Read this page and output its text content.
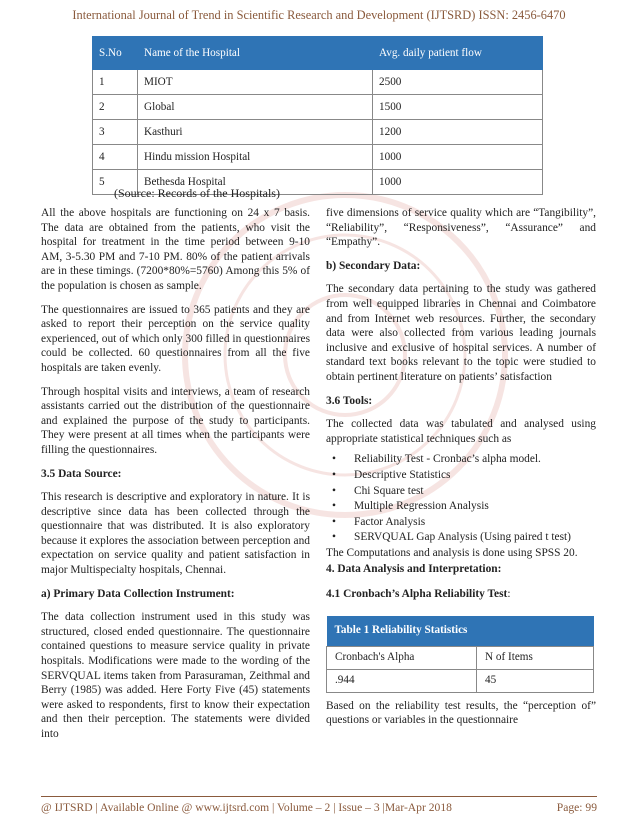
International Journal of Trend in Scientific Research and Development (IJTSRD) ISSN: 2456-6470
S.No	Name of the Hospital	Avg. daily patient flow
1	MIOT	2500
2	Global	1500
3	Kasthuri	1200
4	Hindu mission Hospital	1000
5	Bethesda Hospital	1000
(Source: Records of the Hospitals)

All the above hospitals are functioning on 24 x 7 basis. The data are obtained from the patients, who visit the hospital for treatment in the time period between 9-10 AM, 3-5.30 PM and 7-10 PM. 80% of the patient arrivals are in these timings. (7200*80%=5760) Among this 5% of the population is chosen as sample.

The questionnaires are issued to 365 patients and they are asked to report their perception on the service quality experienced, out of which only 300 filled in questionnaires could be collected. 60 questionnaires from all the five hospitals are taken evenly.

Through hospital visits and interviews, a team of research assistants carried out the distribution of the questionnaire and explained the purpose of the study to participants. They were present at all times when the participants were filling the questionnaires.

3.5 Data Source:

This research is descriptive and exploratory in nature. It is descriptive since data has been collected through the questionnaire that was distributed. It is also exploratory because it explores the association between perception and expectation on service quality and patient satisfaction in major Multispecialty hospitals, Chennai.

a) Primary Data Collection Instrument:

The data collection instrument used in this study was structured, closed ended questionnaire. The questionnaire contained questions to measure service quality in private hospitals. Modifications were made to the wording of the SERVQUAL items taken from Parasuraman, Zeithmal and Berry (1985) was added. Here Forty Five (45) statements were asked to respondents, first to know their expectation and then their perception. The statements were divided into

five dimensions of service quality which are “Tangibility”, “Reliability”, “Responsiveness”, “Assurance” and “Empathy”.

b) Secondary Data:

The secondary data pertaining to the study was gathered from well equipped libraries in Chennai and Coimbatore and from Internet web resources. Further, the secondary data were also collected from various leading journals inclusive and exclusive of hospital services. A number of standard text books relevant to the topic were studied to obtain pertinent literature on patients’ satisfaction

3.6 Tools:

The collected data was tabulated and analysed using appropriate statistical techniques such as

• Reliability Test - Cronbac’s alpha model.
• Descriptive Statistics
• Chi Square test
• Multiple Regression Analysis
• Factor Analysis
• SERVQUAL Gap Analysis (Using paired t test)

The Computations and analysis is done using SPSS 20.

4. Data Analysis and Interpretation:
4.1 Cronbach’s Alpha Reliability Test:
Table 1 Reliability Statistics	
Cronbach's Alpha	N of Items
.944	45

Based on the reliability test results, the “perception of” questions or variables in the questionnaire

@ IJTSRD | Available Online @ www.ijtsrd.com | Volume – 2 | Issue – 3 |Mar-Apr 2018	Page: 99
